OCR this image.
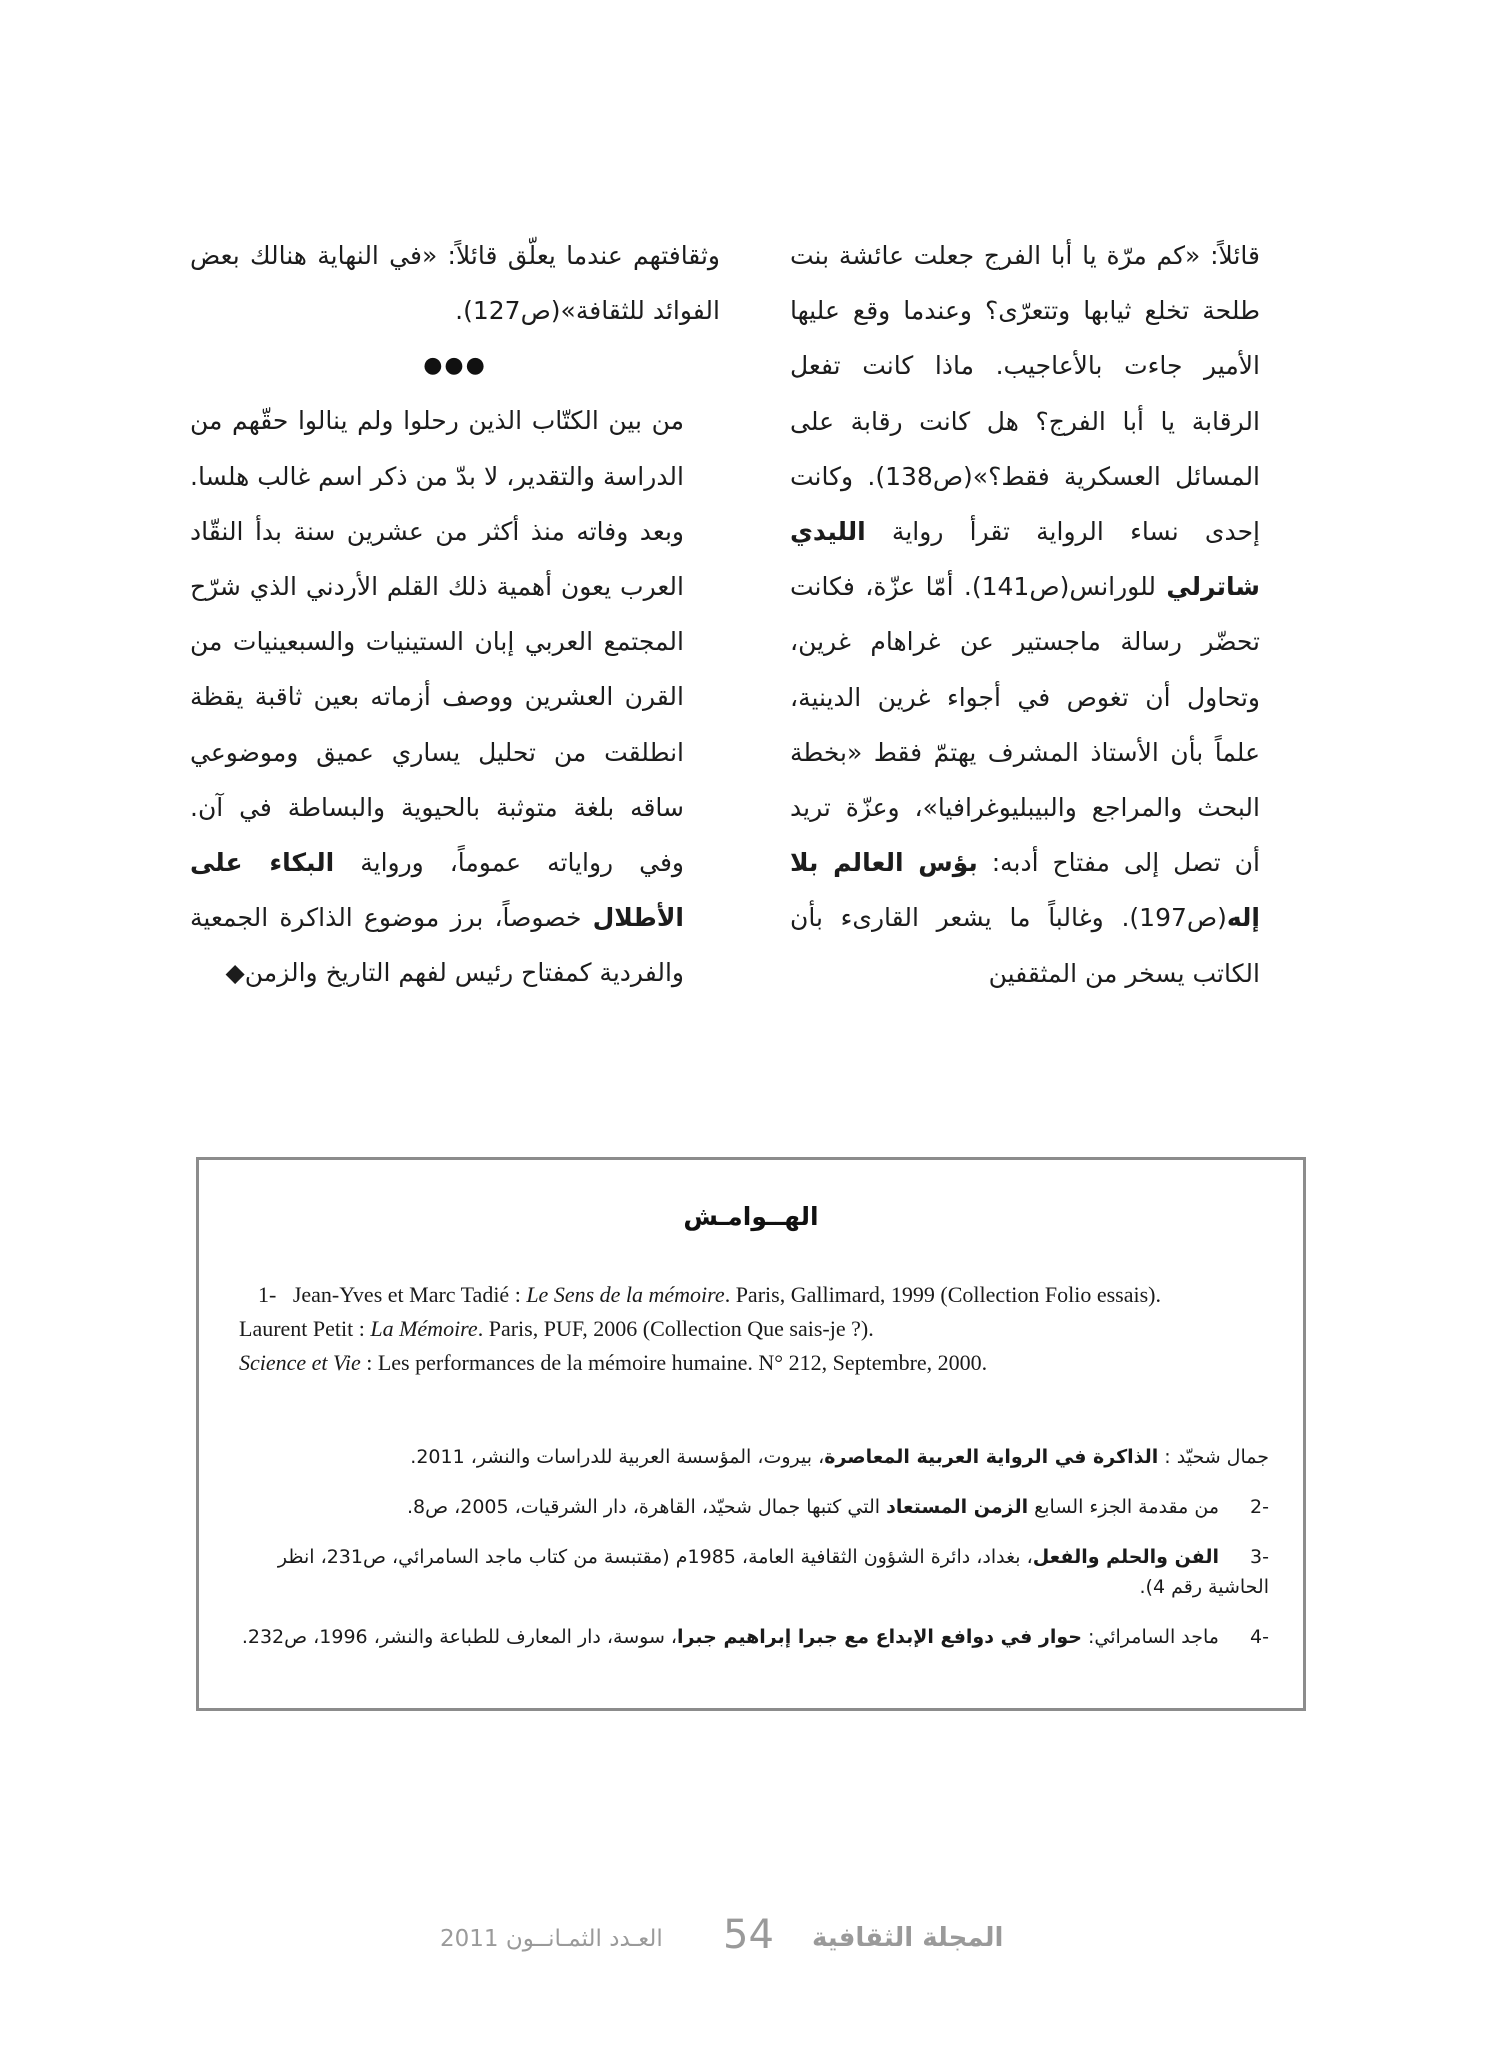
قائلاً: «كم مرّة يا أبا الفرج جعلت عائشة بنت طلحة تخلع ثيابها وتتعرّى؟ وعندما وقع عليها الأمير جاءت بالأعاجيب. ماذا كانت تفعل الرقابة يا أبا الفرج؟ هل كانت رقابة على المسائل العسكرية فقط؟»(ص138). وكانت إحدى نساء الرواية تقرأ رواية الليدي شاترلي للورانس(ص141). أمّا عزّة، فكانت تحضّر رسالة ماجستير عن غراهام غرين، وتحاول أن تغوص في أجواء غرين الدينية، علماً بأن الأستاذ المشرف يهتمّ فقط «بخطة البحث والمراجع والبيبليوغرافيا»، وعزّة تريد أن تصل إلى مفتاح أدبه: بؤس العالم بلا إله(ص197). وغالباً ما يشعر القارىء بأن الكاتب يسخر من المثقفين

وثقافتهم عندما يعلّق قائلاً: «في النهاية هنالك بعض الفوائد للثقافة»(ص127).

●●●

من بين الكتّاب الذين رحلوا ولم ينالوا حقّهم من الدراسة والتقدير، لا بدّ من ذكر اسم غالب هلسا. وبعد وفاته منذ أكثر من عشرين سنة بدأ النقّاد العرب يعون أهمية ذلك القلم الأردني الذي شرّح المجتمع العربي إبان الستينيات والسبعينيات من القرن العشرين ووصف أزماته بعين ثاقبة يقظة انطلقت من تحليل يساري عميق وموضوعي ساقه بلغة متوثبة بالحيوية والبساطة في آن. وفي رواياته عموماً، ورواية البكاء على الأطلال خصوصاً، برز موضوع الذاكرة الجمعية والفردية كمفتاح رئيس لفهم التاريخ والزمن◆

الهــوامـش
1- Jean-Yves et Marc Tadié : Le Sens de la mémoire. Paris, Gallimard, 1999 (Collection Folio essais).
Laurent Petit : La Mémoire. Paris, PUF, 2006 (Collection Que sais-je ?).
Science et Vie : Les performances de la mémoire humaine. N° 212, Septembre, 2000.
جمال شحيّد : الذاكرة في الرواية العربية المعاصرة، بيروت، المؤسسة العربية للدراسات والنشر، 2011.
-2من مقدمة الجزء السابع الزمن المستعاد التي كتبها جمال شحيّد، القاهرة، دار الشرقيات، 2005، ص8.
-3الفن والحلم والفعل، بغداد، دائرة الشؤون الثقافية العامة، 1985م (مقتبسة من كتاب ماجد السامرائي، ص231، انظر الحاشية رقم 4).
-4ماجد السامرائي: حوار في دوافع الإبداع مع جبرا إبراهيم جبرا، سوسة، دار المعارف للطباعة والنشر، 1996، ص232.
العـدد الثمـانــون 2011 54 المجلة الثقافية
